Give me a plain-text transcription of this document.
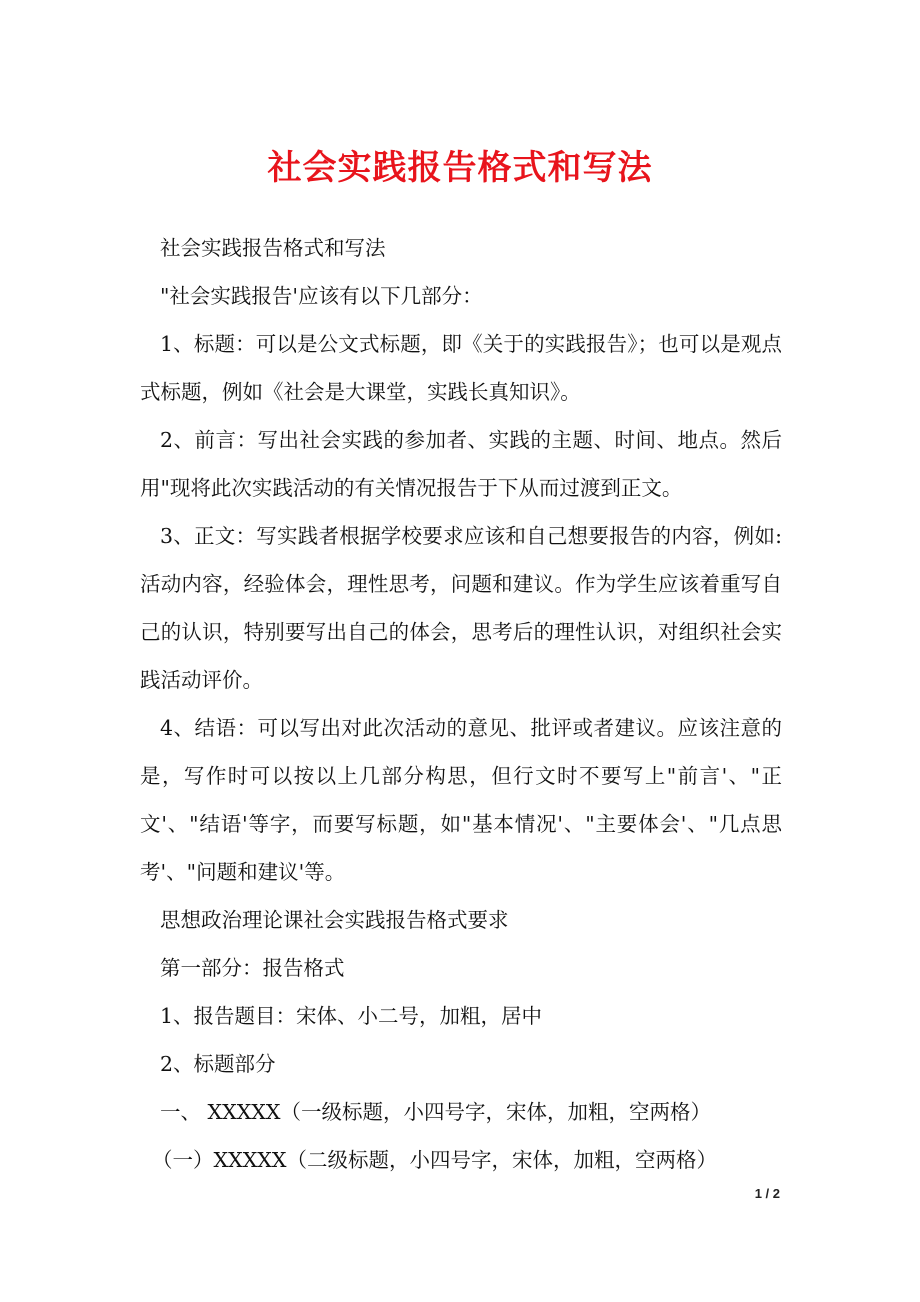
社会实践报告格式和写法

社会实践报告格式和写法

"社会实践报告'应该有以下几部分：

1、标题：可以是公文式标题，即《关于的实践报告》；也可以是观点式标题，例如《社会是大课堂，实践长真知识》。

2、前言：写出社会实践的参加者、实践的主题、时间、地点。然后用"现将此次实践活动的有关情况报告于下从而过渡到正文。

3、正文：写实践者根据学校要求应该和自己想要报告的内容，例如:活动内容，经验体会，理性思考，问题和建议。作为学生应该着重写自己的认识，特别要写出自己的体会，思考后的理性认识，对组织社会实践活动评价。

4、结语：可以写出对此次活动的意见、批评或者建议。应该注意的是，写作时可以按以上几部分构思，但行文时不要写上"前言'、"正文'、"结语'等字，而要写标题，如"基本情况'、"主要体会'、"几点思考'、"问题和建议'等。

思想政治理论课社会实践报告格式要求

第一部分：报告格式

1、报告题目：宋体、小二号，加粗，居中

2、标题部分

一、 XXXXX（一级标题，小四号字，宋体，加粗，空两格）

（一）XXXXX（二级标题，小四号字，宋体，加粗，空两格）

1 / 2
